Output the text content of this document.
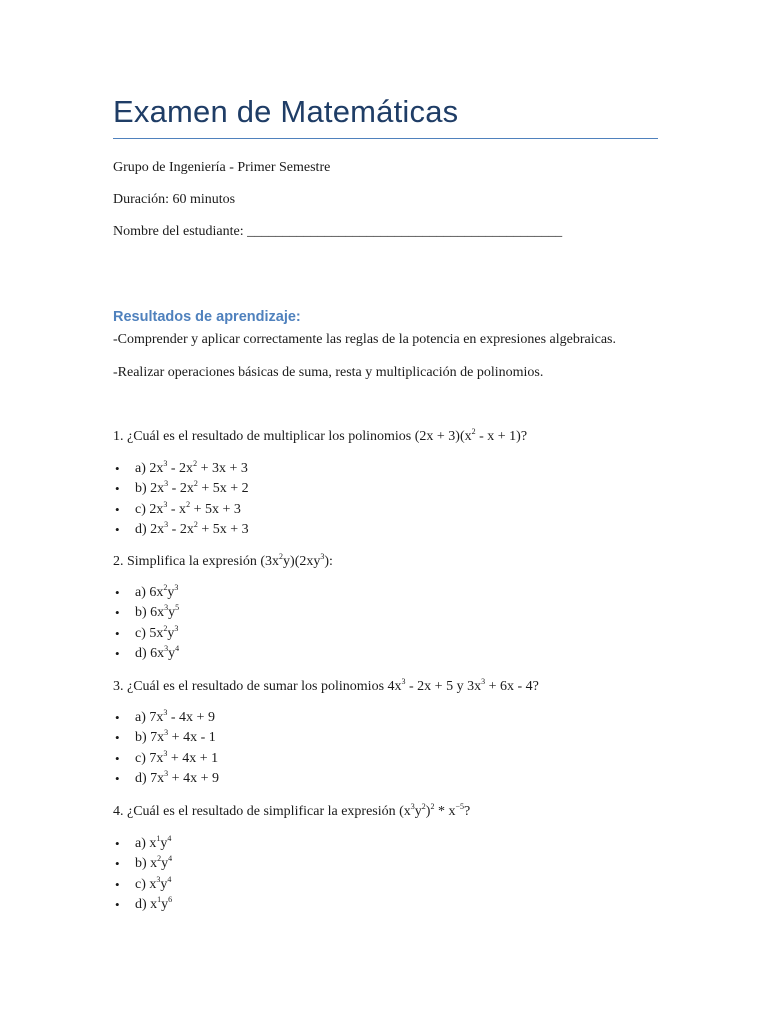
Examen de Matemáticas
Grupo de Ingeniería - Primer Semestre
Duración: 60 minutos
Nombre del estudiante: _____________________________________________
Resultados de aprendizaje:
-Comprender y aplicar correctamente las reglas de la potencia en expresiones algebraicas.
-Realizar operaciones básicas de suma, resta y multiplicación de polinomios.
1. ¿Cuál es el resultado de multiplicar los polinomios $(2x + 3)(x^2 - x + 1)$?
• a) $2x^3 - 2x^2 + 3x + 3$
• b) $2x^3 - 2x^2 + 5x + 2$
• c) $2x^3 - x^2 + 5x + 3$
• d) $2x^3 - 2x^2 + 5x + 3$
2. Simplifica la expresión $(3x^2y)(2xy^3)$:
• a) $6x^2y^3$
• b) $6x^3y^5$
• c) $5x^2y^3$
• d) $6x^3y^4$
3. ¿Cuál es el resultado de sumar los polinomios $4x^3 - 2x + 5$ y $3x^3 + 6x - 4$?
• a) $7x^3 - 4x + 9$
• b) $7x^3 + 4x - 1$
• c) $7x^3 + 4x + 1$
• d) $7x^3 + 4x + 9$
4. ¿Cuál es el resultado de simplificar la expresión $(x^3y^2)^2 * x^{-5}$?
• a) $x^1y^4$
• b) $x^2y^4$
• c) $x^3y^4$
• d) $x^1y^6$
